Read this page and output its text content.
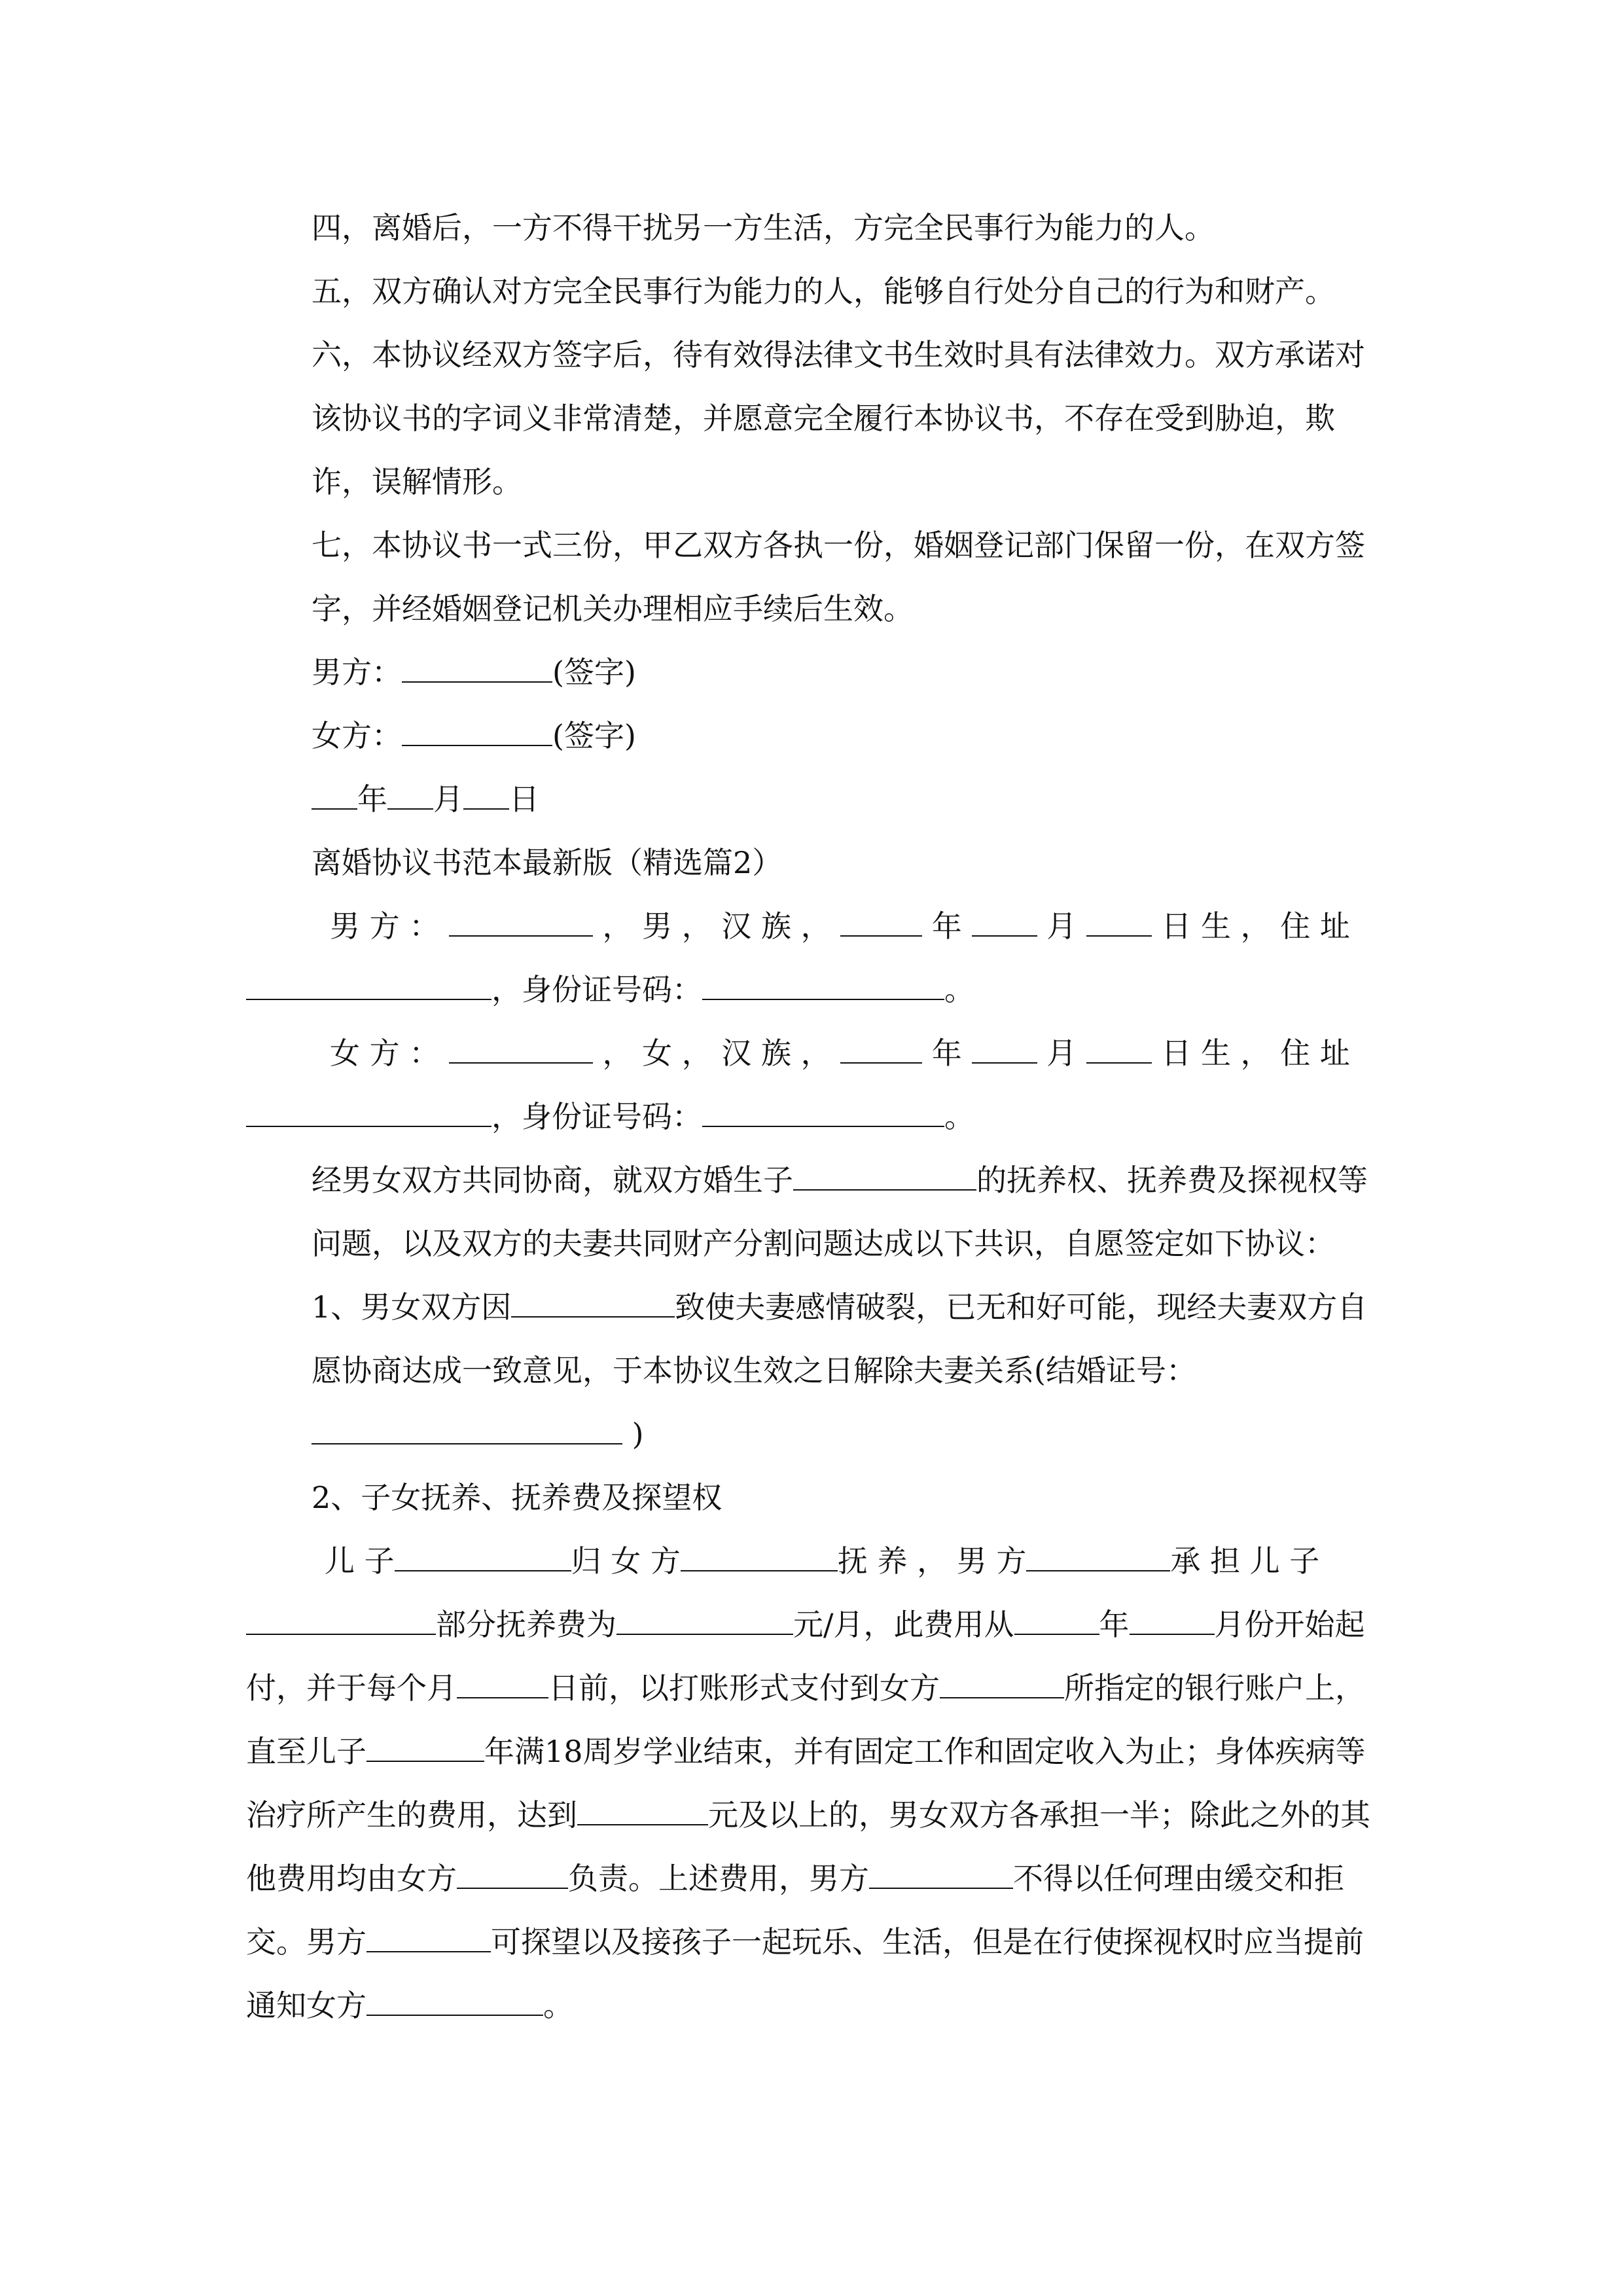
四，离婚后，一方不得干扰另一方生活，方完全民事行为能力的人。

五，双方确认对方完全民事行为能力的人，能够自行处分自己的行为和财产。

六，本协议经双方签字后，待有效得法律文书生效时具有法律效力。双方承诺对该协议书的字词义非常清楚，并愿意完全履行本协议书，不存在受到胁迫，欺诈，误解情形。

七，本协议书一式三份，甲乙双方各执一份，婚姻登记部门保留一份，在双方签字，并经婚姻登记机关办理相应手续后生效。

男方：	(签字)

女方：	(签字)

年 月 日

离婚协议书范本最新版（精选篇2）

男 方 ：	， 男 ， 汉 族 ，	年	月	日 生 ， 住 址

，身份证号码：	。

女 方 ：	， 女 ， 汉 族 ，	年	月	日 生 ， 住 址

，身份证号码：	。

经男女双方共同协商，就双方婚生子	的抚养权、抚养费及探视权等问题，以及双方的夫妻共同财产分割问题达成以下共识，自愿签定如下协议：

1、男女双方因	致使夫妻感情破裂，已无和好可能，现经夫妻双方自愿协商达成一致意见，于本协议生效之日解除夫妻关系(结婚证号：
)

2、子女抚养、抚养费及探望权

儿 子	归 女 方	抚 养 ， 男 方	承 担 儿 子

部分抚养费为	元/月，此费用从	年	月份开始起付，并于每个月	日前，以打账形式支付到女方	所指定的银行账户上，直至儿子	年满18周岁学业结束，并有固定工作和固定收入为止；身体疾病等治疗所产生的费用，达到	元及以上的，男女双方各承担一半；除此之外的其他费用均由女方	负责。上述费用，男方	不得以任何理由缓交和拒交。男方	可探望以及接孩子一起玩乐、生活，但是在行使探视权时应当提前通知女方	。
